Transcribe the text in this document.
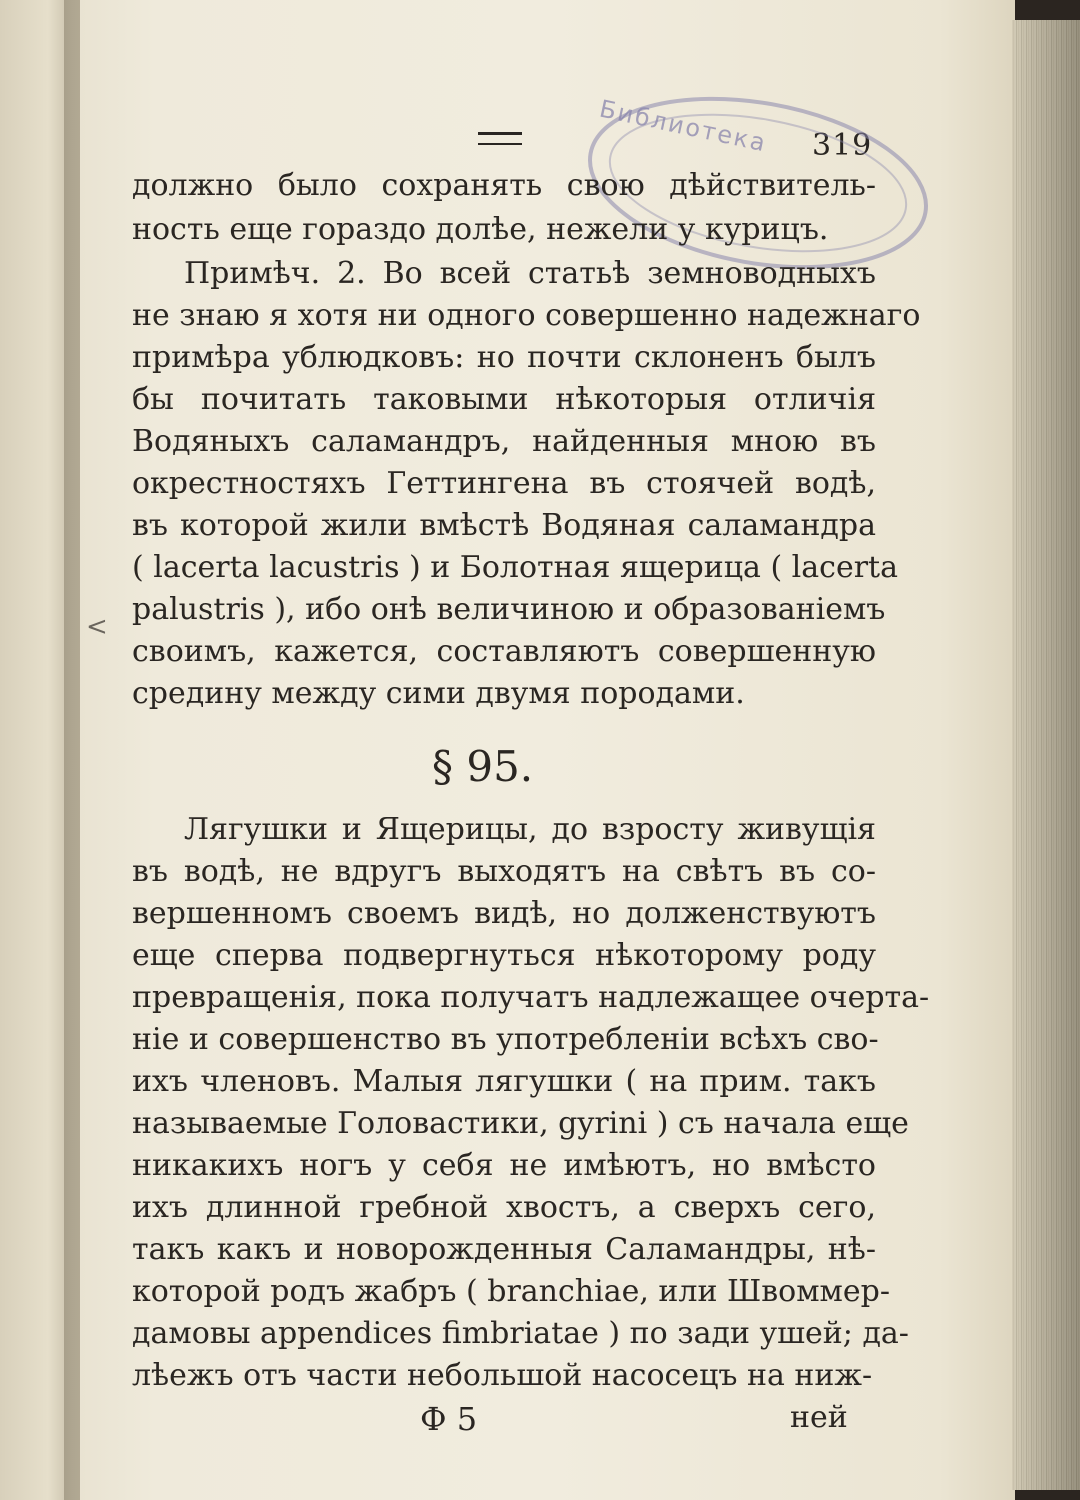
319
Библиотека
<
должно было сохранять свою дѣйствитель-
ность еще гораздо долѣе, нежели у курицъ.
Примѣч. 2. Во всей статьѣ земноводныхъ
не знаю я хотя ни одного совершенно надежнаго
примѣра ублюдковъ: но почти склоненъ былъ
бы почитать таковыми нѣкоторыя отличія
Водяныхъ саламандръ, найденныя мною въ
окрестностяхъ Геттингена въ стоячей водѣ,
въ которой жили вмѣстѣ Водяная саламандра
( lacerta lacustris ) и Болотная ящерица ( lacerta
palustris ), ибо онѣ величиною и образованіемъ
своимъ, кажется, составляютъ совершенную
средину между сими двумя породами.
§ 95.
Лягушки и Ящерицы, до взросту живущія
въ водѣ, не вдругъ выходятъ на свѣтъ въ со-
вершенномъ своемъ видѣ, но долженствуютъ
еще сперва подвергнуться нѣкоторому роду
превращенія, пока получатъ надлежащее очерта-
ніе и совершенство въ употребленіи всѣхъ сво-
ихъ членовъ. Малыя лягушки ( на прим. такъ
называемые Головастики, gyrini ) съ начала еще
никакихъ ногъ у себя не имѣютъ, но вмѣсто
ихъ длинной гребной хвостъ, а сверхъ сего,
такъ какъ и новорожденныя Саламандры, нѣ-
которой родъ жабръ ( branchiae, или Швоммер-
дамовы appendices fimbriatae ) по зади ушей; да-
лѣежъ отъ части небольшой насосецъ на ниж-
Ф 5	ней
